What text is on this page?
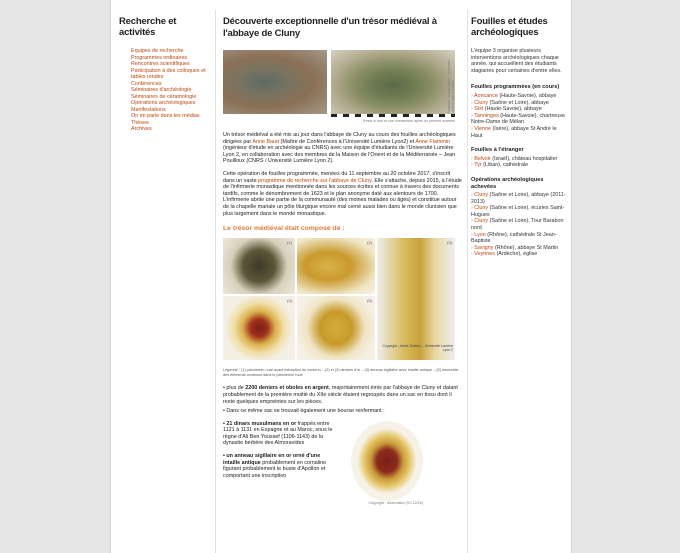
Recherche et activités
Equipes de recherche
Programmes ordinaires
Rencontres scientifiques
Participation à des colloques et tables rondes
Conférences
Séminaires d'archéologie
Séminaires de céramologie
Opérations archéologiques
Manifestations
On en parle dans les médias
Thèses
Archives
Découverte exceptionnelle d'un trésor médiéval à l'abbaye de Cluny
Copyright : Vincent Baroz – Université Lumière Lyon 2 / CNRS
Trésor in situ et vue d'ensemble après un premier examen

Un trésor médiéval a été mis au jour dans l'abbaye de Cluny au cours des fouilles archéologiques dirigées par Anne Baud (Maître de Conférences à l'Université Lumière Lyon2) et Anne Flammin (ingénieur d'étude en archéologie au CNRS) avec une équipe d'étudiants de l'Université Lumière Lyon 2, en collaboration avec des membres de la Maison de l'Orient et de la Méditerranée – Jean Pouilloux (CNRS / Université Lumière Lyon 2).

Cette opération de fouilles programmée, menées du 11 septembre au 20 octobre 2017, s'inscrit dans un vaste programme de recherche sur l'abbaye de Cluny. Elle s'attache, depuis 2015, à l'étude de l'infirmerie monastique mentionnée dans les sources écrites et connue à travers des documents tardifs, comme le dénombrement de 1623 et le plan anonyme daté aux alentours de 1700. L'infirmerie abrite une partie de la communauté (des moines malades ou âgés) et constitue autour de la chapelle mariale un pôle liturgique encore mal cerné aussi bien dans le monde clunisien que plus largement dans le monde monastique.

Le trésor médiéval était composé de :
(1)	(2)	(3)
Copyright : Alexis Grattier – Université Lumière Lyon 2
(4)	(5)
Légende : (1) parchemin roué avant extraction du contenu – (2) et (3) deniers d'or – (3) anneau sigillaire avec intaille antique – (5) ensemble des éléments contenus dans le parchemin roué

• plus de 2200 deniers et oboles en argent, majoritairement émis par l'abbaye de Cluny et datant probablement de la première moitié du XIIe siècle étaient regroupés dans un sac en tissu dont il reste quelques empreintes sur les pièces.

• Dans ce même sac se trouvait également une bourse renfermant :

• 21 dinars musulmans en or frappés entre 1121 à 1131 en Espagne et au Maroc, sous le règne d'Ali Ben Youssef (1106-1143) de la dynastie berbère des Almoravides

• un anneau sigillaire en or orné d'une intaille antique probablement en cornaline figurant probablement le buste d'Apollon et comportant une inscription

Copyright : réservation (VC 12/16)
Fouilles et études archéologiques

L'équipe 3 organise plusieurs interventions archéologiques chaque année, qui accueillent des étudiants stagiaires pour certaines d'entre elles.

Fouilles programmées (en cours)
› Aoncance (Haute-Savoie), abbaye
› Cluny (Saône et Loire), abbaye
› Sixt (Haute-Savoie), abbaye
› Tanninges (Haute-Savoie), chartreuse Notre-Dame de Mélan
› Vienne (Isère), abbaye St André le Haut
Fouilles à l'étranger
› Belvoir (Israël), château hospitalier
› Tyr (Liban), cathédrale
Opérations archéologiques achevées
› Cluny (Saône et Loire), abbaye (2011-2013)
› Cluny (Saône et Loire), écuries Saint-Hugues
› Cluny (Saône et Loire), Tour Barabon nord
› Lyon (Rhône), cathédrale St Jean-Baptiste
› Savigny (Rhône), abbaye St Martin
› Veyrines (Ardèche), église
